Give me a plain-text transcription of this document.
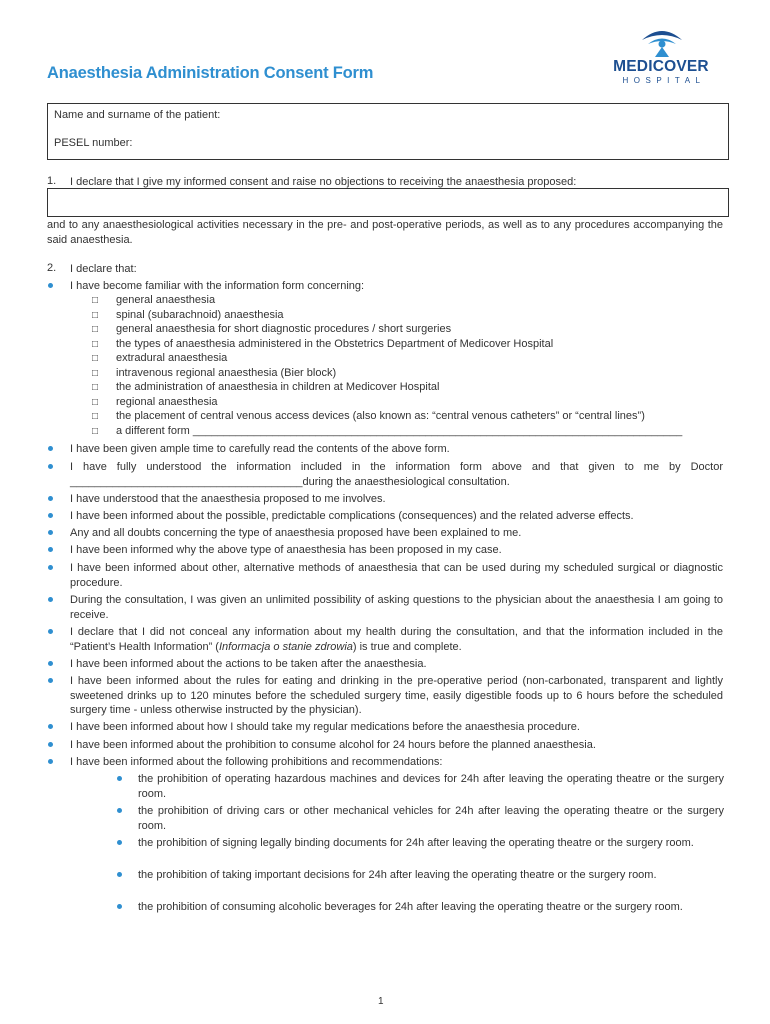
Anaesthesia Administration Consent Form	MEDICOVER
HOSPITAL
Name and surname of the patient:
PESEL number:
1. I declare that I give my informed consent and raise no objections to receiving the anaesthesia proposed:
and to any anaesthesiological activities necessary in the pre- and post-operative periods, as well as to any procedures accompanying the said anaesthesia.
2. I declare that:
I have become familiar with the information form concerning:
□ general anaesthesia
□ spinal (subarachnoid) anaesthesia
□ general anaesthesia for short diagnostic procedures / short surgeries
□ the types of anaesthesia administered in the Obstetrics Department of Medicover Hospital
□ extradural anaesthesia
□ intravenous regional anaesthesia (Bier block)
□ the administration of anaesthesia in children at Medicover Hospital
□ regional anaesthesia
□ the placement of central venous access devices (also known as: “central venous catheters” or “central lines”)
□ a different form ________________________________________________________________________________
I have been given ample time to carefully read the contents of the above form.
I have fully understood the information included in the information form above and that given to me by Doctor ______________________________________during the anaesthesiological consultation.
I have understood that the anaesthesia proposed to me involves.
I have been informed about the possible, predictable complications (consequences) and the related adverse effects.
Any and all doubts concerning the type of anaesthesia proposed have been explained to me.
I have been informed why the above type of anaesthesia has been proposed in my case.
I have been informed about other, alternative methods of anaesthesia that can be used during my scheduled surgical or diagnostic procedure.
During the consultation, I was given an unlimited possibility of asking questions to the physician about the anaesthesia I am going to receive.
I declare that I did not conceal any information about my health during the consultation, and that the information included in the “Patient’s Health Information” (Informacja o stanie zdrowia) is true and complete.
I have been informed about the actions to be taken after the anaesthesia.
I have been informed about the rules for eating and drinking in the pre-operative period (non-carbonated, transparent and lightly sweetened drinks up to 120 minutes before the scheduled surgery time, easily digestible foods up to 6 hours before the scheduled surgery time - unless otherwise instructed by the physician).
I have been informed about how I should take my regular medications before the anaesthesia procedure.
I have been informed about the prohibition to consume alcohol for 24 hours before the planned anaesthesia.
I have been informed about the following prohibitions and recommendations:
the prohibition of operating hazardous machines and devices for 24h after leaving the operating theatre or the surgery room.
the prohibition of driving cars or other mechanical vehicles for 24h after leaving the operating theatre or the surgery room.
the prohibition of signing legally binding documents for 24h after leaving the operating theatre or the surgery room.
the prohibition of taking important decisions for 24h after leaving the operating theatre or the surgery room.
the prohibition of consuming alcoholic beverages for 24h after leaving the operating theatre or the surgery room.
1
